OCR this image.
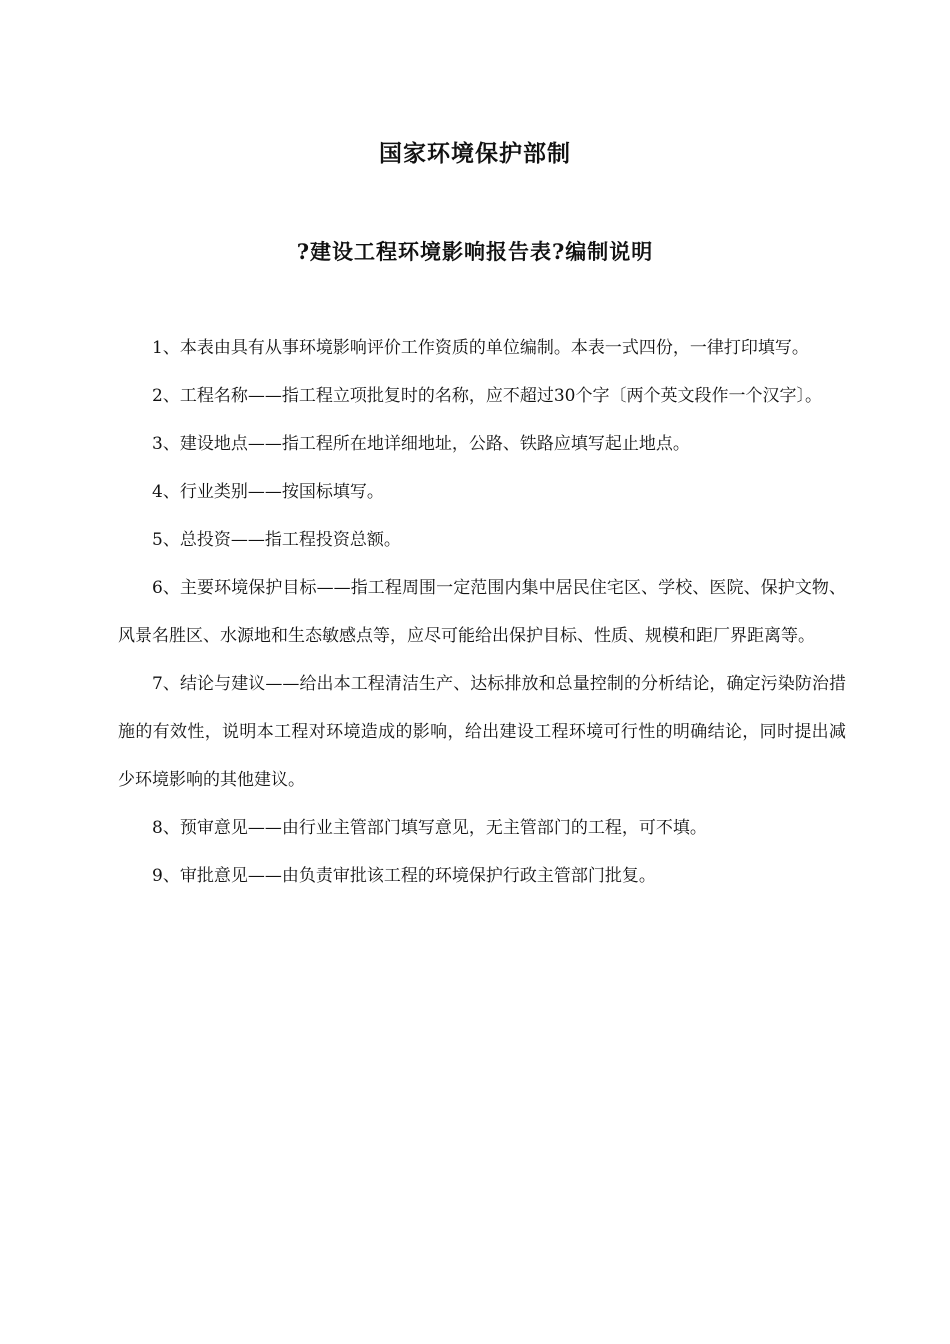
国家环境保护部制
?建设工程环境影响报告表?编制说明

1、本表由具有从事环境影响评价工作资质的单位编制。本表一式四份，一律打印填写。

2、工程名称——指工程立项批复时的名称，应不超过30个字〔两个英文段作一个汉字〕。

3、建设地点——指工程所在地详细地址，公路、铁路应填写起止地点。

4、行业类别——按国标填写。

5、总投资——指工程投资总额。

6、主要环境保护目标——指工程周围一定范围内集中居民住宅区、学校、医院、保护文物、风景名胜区、水源地和生态敏感点等，应尽可能给出保护目标、性质、规模和距厂界距离等。

7、结论与建议——给出本工程清洁生产、达标排放和总量控制的分析结论，确定污染防治措施的有效性，说明本工程对环境造成的影响，给出建设工程环境可行性的明确结论，同时提出减少环境影响的其他建议。

8、预审意见——由行业主管部门填写意见，无主管部门的工程，可不填。

9、审批意见——由负责审批该工程的环境保护行政主管部门批复。
